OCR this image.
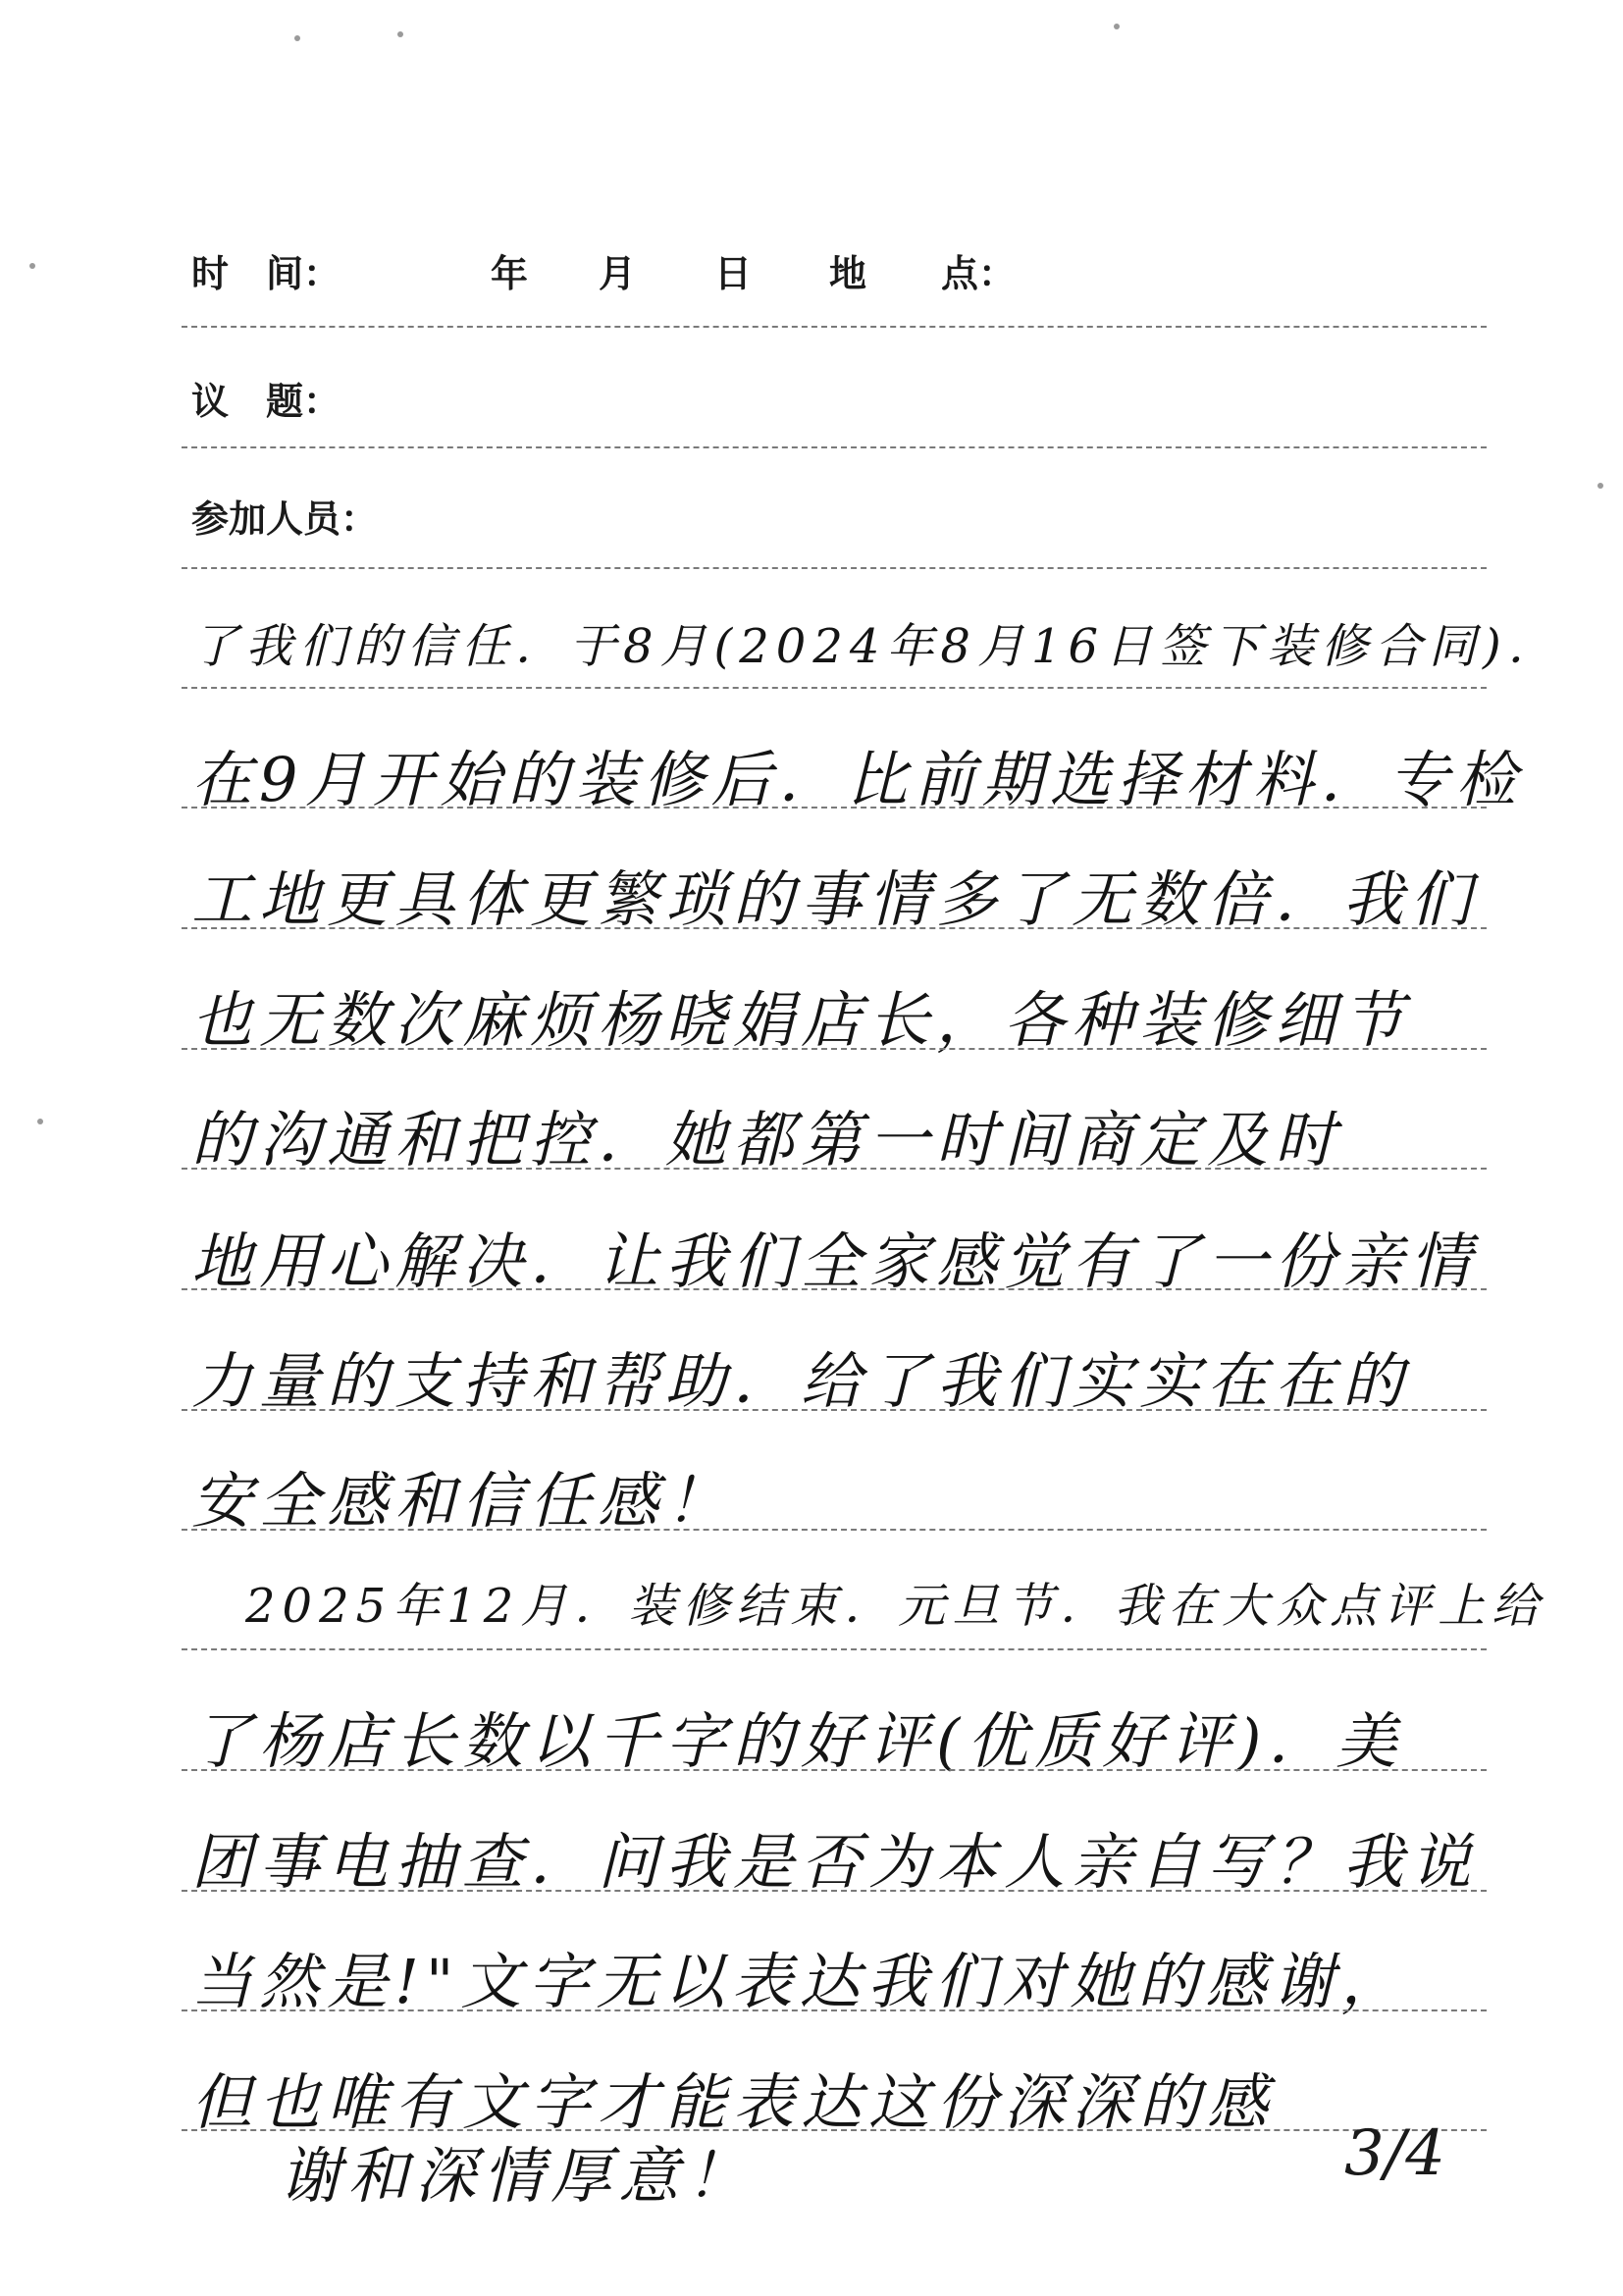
时　间：	年 月 日 地　　点：
议　题：
参加人员：
了我们的信任．于8月(2024年8月16日签下装修合同)．
在9月开始的装修后．比前期选择材料．专检
工地更具体更繁琐的事情多了无数倍．我们
也无数次麻烦杨晓娟店长，各种装修细节
的沟通和把控．她都第一时间商定及时
地用心解决．让我们全家感觉有了一份亲情
力量的支持和帮助．给了我们实实在在的
安全感和信任感！
　2025年12月．装修结束．元旦节．我在大众点评上给
了杨店长数以千字的好评(优质好评)．美
团事电抽查．问我是否为本人亲自写？我说
当然是!"文字无以表达我们对她的感谢，
但也唯有文字才能表达这份深深的感
谢和深情厚意！	3/4
